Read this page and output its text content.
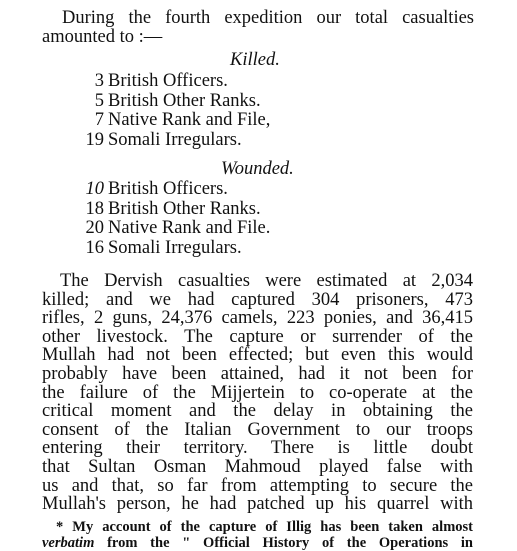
During the fourth expedition our total casualties
amounted to :—
Killed.
3 British Officers.
5 British Other Ranks.
7 Native Rank and File,
19 Somali Irregulars.
Wounded.
10 British Officers.
18 British Other Ranks.
20 Native Rank and File.
16 Somali Irregulars.
The Dervish casualties were estimated at 2,034
killed; and we had captured 304 prisoners, 473
rifles, 2 guns, 24,376 camels, 223 ponies, and 36,415
other livestock. The capture or surrender of the
Mullah had not been effected; but even this would
probably have been attained, had it not been for
the failure of the Mijjertein to co-operate at the
critical moment and the delay in obtaining the
consent of the Italian Government to our troops
entering their territory. There is little doubt
that Sultan Osman Mahmoud played false with
us and that, so far from attempting to secure the
Mullah's person, he had patched up his quarrel with
* My account of the capture of Illig has been taken almost
verbatim from the " Official History of the Operations in
